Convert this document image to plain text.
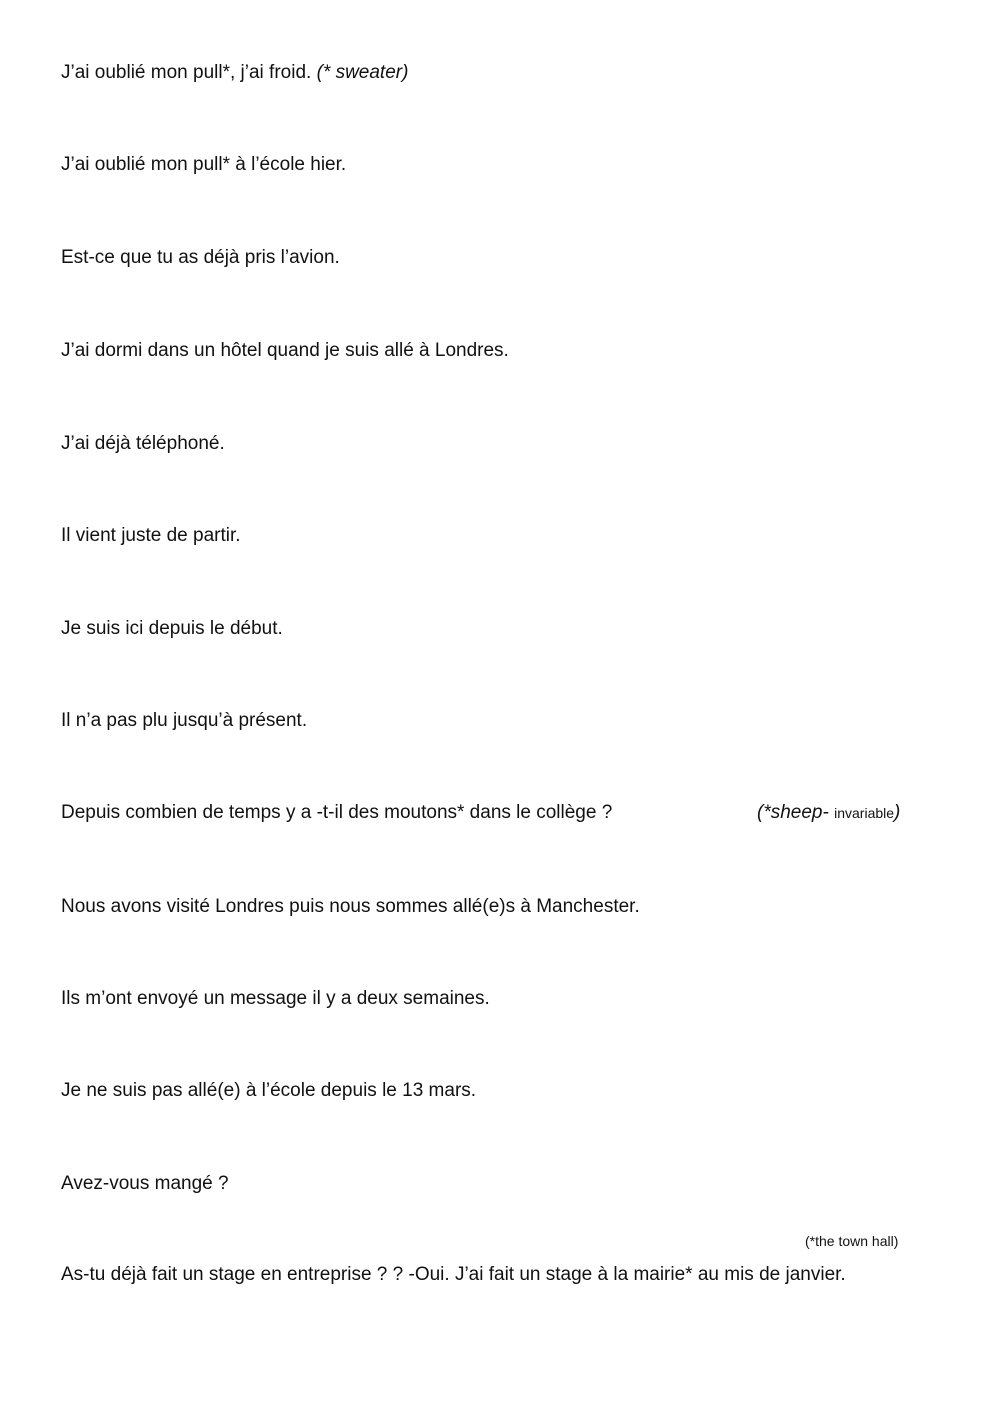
J’ai oublié mon pull*, j’ai froid. (* sweater)
J’ai oublié mon pull* à l’école hier.
Est-ce que tu as déjà pris l’avion.
J’ai dormi dans un hôtel quand je suis allé à Londres.
J’ai déjà téléphoné.
Il vient juste de partir.
Je suis ici depuis le début.
Il n’a pas plu jusqu’à présent.
Depuis combien de temps y a -t-il des moutons* dans le collège ?	(*sheep- invariable)
Nous avons visité Londres puis nous sommes allé(e)s à Manchester.
Ils m’ont envoyé un message il y a deux semaines.
Je ne suis pas allé(e) à l’école depuis le 13 mars.
Avez-vous mangé ?
(*the town hall)
As-tu déjà fait un stage en entreprise ? ? -Oui. J’ai fait un stage à la mairie* au mis de janvier.
